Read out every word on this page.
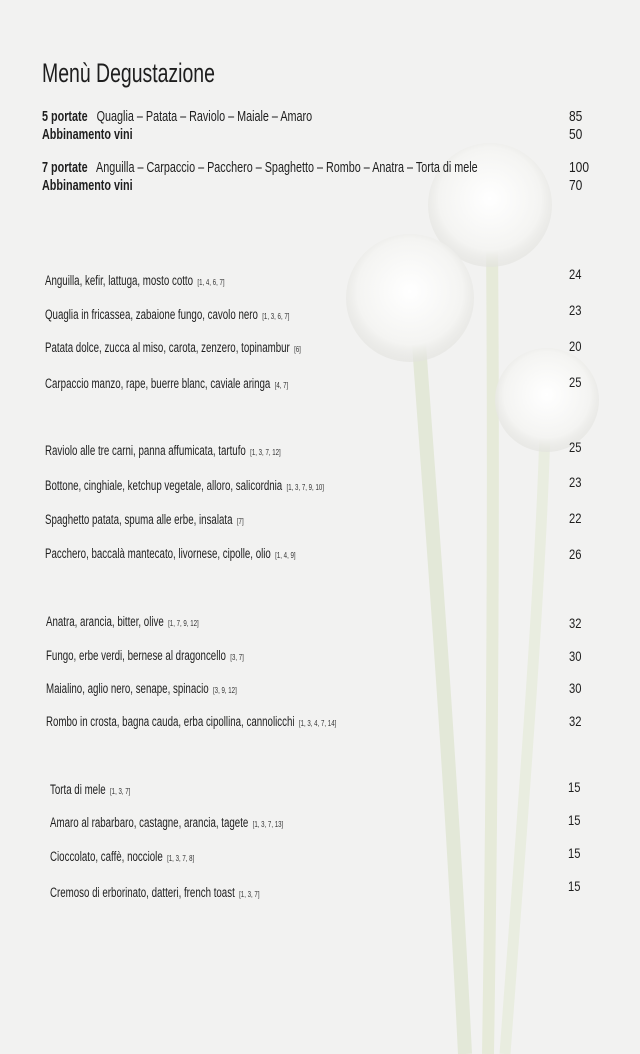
Menù Degustazione
5 portate Quaglia – Patata – Raviolo – Maiale – Amaro	85
Abbinamento vini	50
7 portate Anguilla – Carpaccio – Pacchero – Spaghetto – Rombo – Anatra – Torta di mele	100
Abbinamento vini	70
Anguilla, kefir, lattuga, mosto cotto [1, 4, 6, 7]	24
Quaglia in fricassea, zabaione fungo, cavolo nero [1, 3, 6, 7]	23
Patata dolce, zucca al miso, carota, zenzero, topinambur [6]	20
Carpaccio manzo, rape, buerre blanc, caviale aringa [4, 7]	25
Raviolo alle tre carni, panna affumicata, tartufo [1, 3, 7, 12]	25
Bottone, cinghiale, ketchup vegetale, alloro, salicordnia [1, 3, 7, 9, 10]	23
Spaghetto patata, spuma alle erbe, insalata [7]	22
Pacchero, baccalà mantecato, livornese, cipolle, olio [1, 4, 9]	26
Anatra, arancia, bitter, olive [1, 7, 9, 12]	32
Fungo, erbe verdi, bernese al dragoncello [3, 7]	30
Maialino, aglio nero, senape, spinacio [3, 9, 12]	30
Rombo in crosta, bagna cauda, erba cipollina, cannolicchi [1, 3, 4, 7, 14]	32
Torta di mele [1, 3, 7]	15
Amaro al rabarbaro, castagne, arancia, tagete [1, 3, 7, 13]	15
Cioccolato, caffè, nocciole [1, 3, 7, 8]	15
Cremoso di erborinato, datteri, french toast [1, 3, 7]	15
